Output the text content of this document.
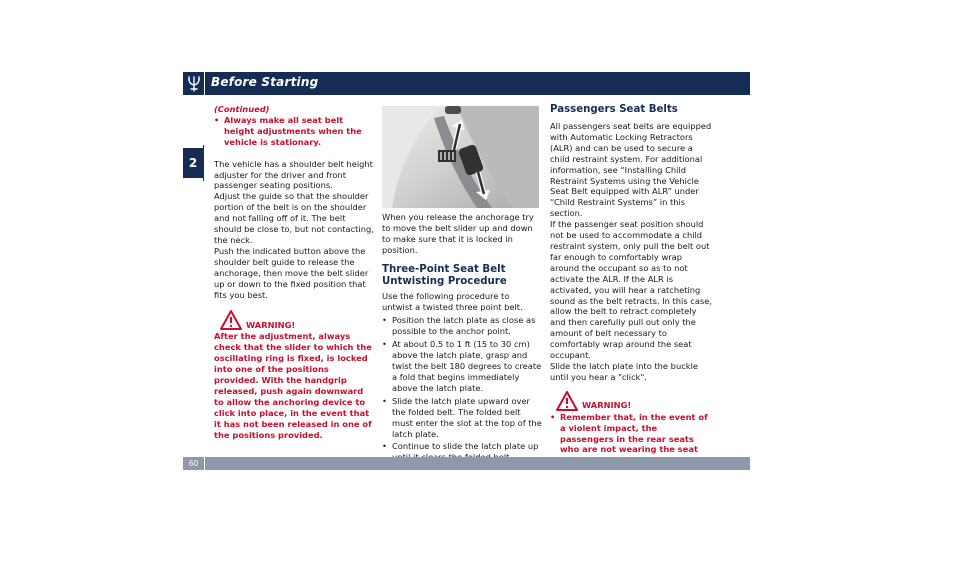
Before Starting
2

(Continued)

• Always make all seat belt height adjustments when the vehicle is stationary.

The vehicle has a shoulder belt height adjuster for the driver and front passenger seating positions.

Adjust the guide so that the shoulder portion of the belt is on the shoulder and not falling off of it. The belt should be close to, but not contacting, the neck.

Push the indicated button above the shoulder belt guide to release the anchorage, then move the belt slider up or down to the fixed position that fits you best.

WARNING!

After the adjustment, always check that the slider to which the oscillating ring is fixed, is locked into one of the positions provided. With the handgrip released, push again downward to allow the anchoring device to click into place, in the event that it has not been released in one of the positions provided.

When you release the anchorage try to move the belt slider up and down to make sure that it is locked in position.

Three-Point Seat Belt Untwisting Procedure

Use the following procedure to untwist a twisted three point belt.

• Position the latch plate as close as possible to the anchor point.
• At about 0.5 to 1 ft (15 to 30 cm) above the latch plate, grasp and twist the belt 180 degrees to create a fold that begins immediately above the latch plate.
• Slide the latch plate upward over the folded belt. The folded belt must enter the slot at the top of the latch plate.
• Continue to slide the latch plate up
Passengers Seat Belts

All passengers seat belts are equipped with Automatic Locking Retractors (ALR) and can be used to secure a child restraint system. For additional information, see “Installing Child Restraint Systems using the Vehicle Seat Belt equipped with ALR” under “Child Restraint Systems” in this section.

If the passenger seat position should not be used to accommodate a child restraint system, only pull the belt out far enough to comfortably wrap around the occupant so as to not activate the ALR. If the ALR is activated, you will hear a ratcheting sound as the belt retracts. In this case, allow the belt to retract completely and then carefully pull out only the amount of belt necessary to comfortably wrap around the seat occupant.

Slide the latch plate into the buckle until you hear a "click".

WARNING!
• Remember that, in the event of a violent impact, the passengers in the rear seats who are not wearing the seat
60
